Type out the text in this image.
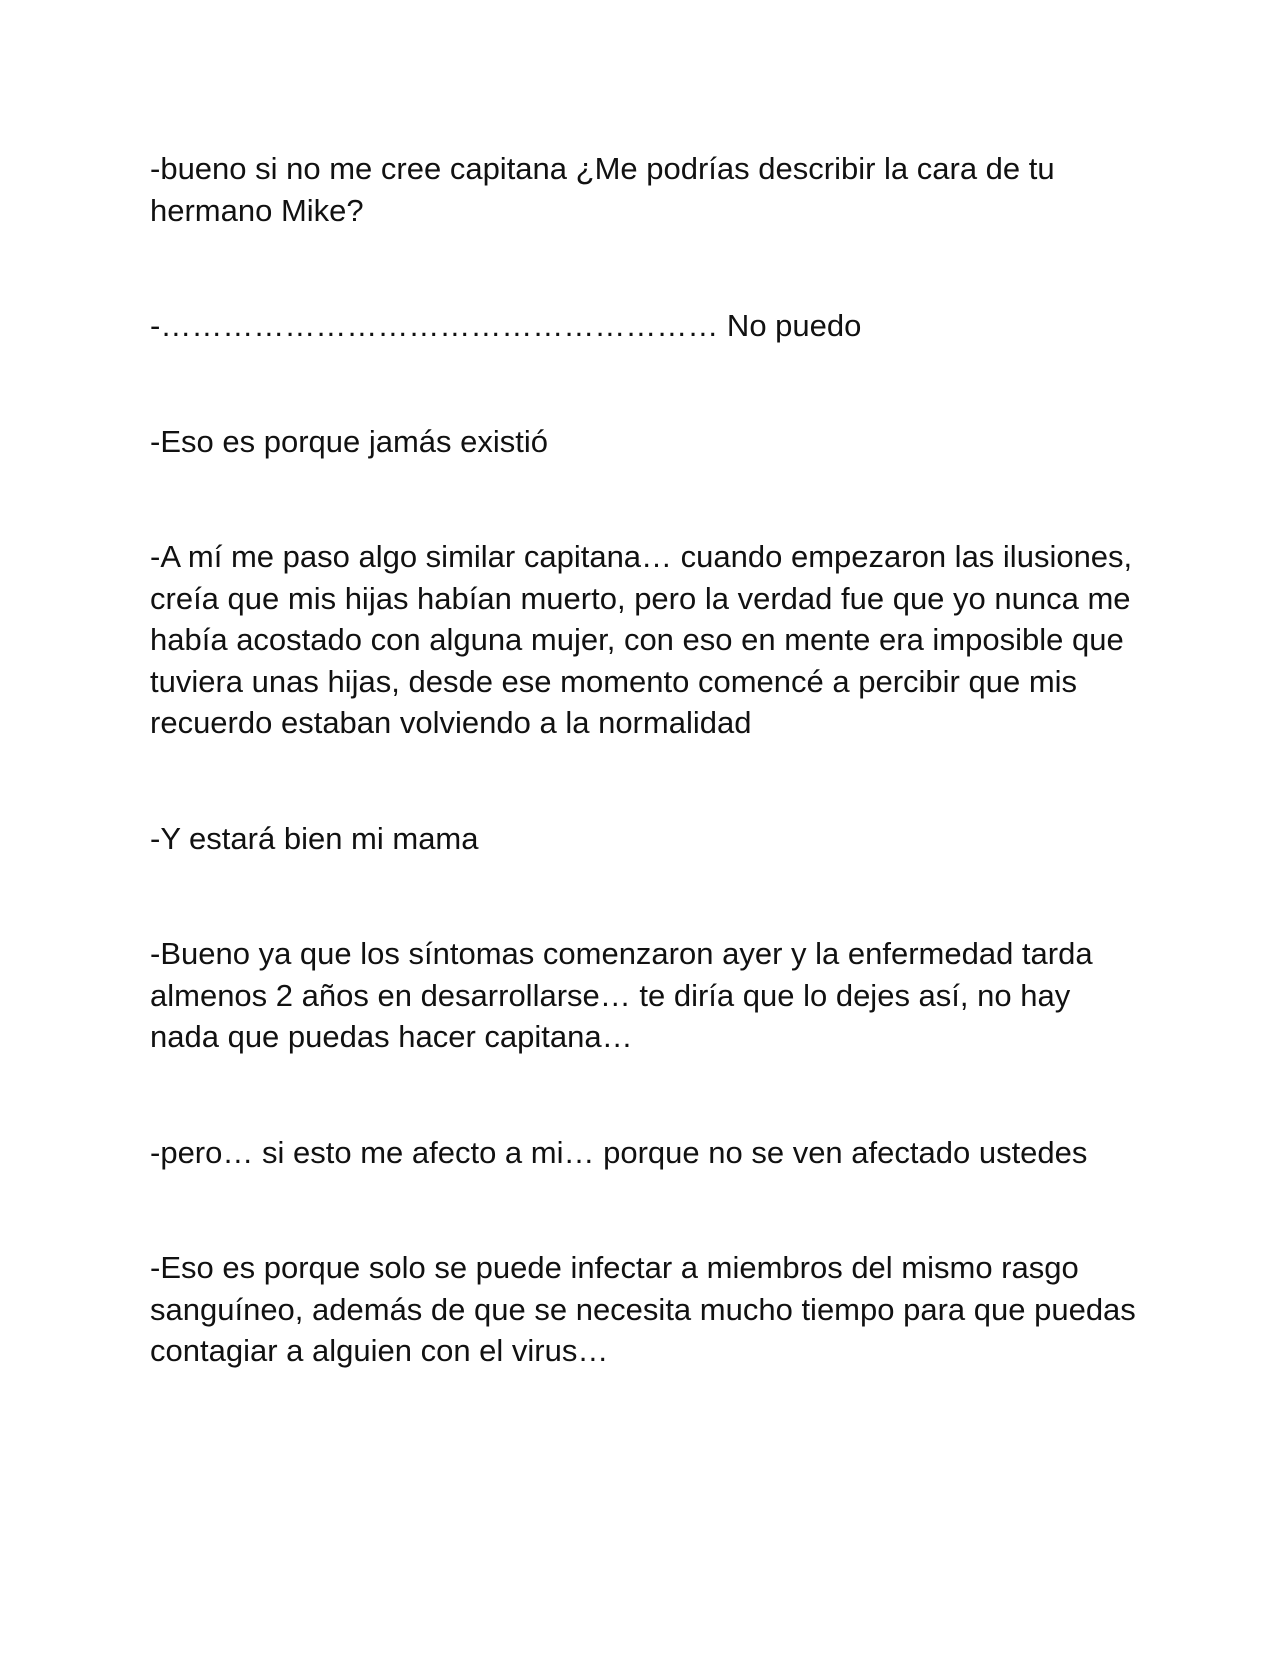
-bueno si no me cree capitana ¿Me podrías describir la cara de tu hermano Mike?

-……………………………………………… No puedo

-Eso es porque jamás existió

-A mí me paso algo similar capitana… cuando empezaron las ilusiones, creía que mis hijas habían muerto, pero la verdad fue que yo nunca me había acostado con alguna mujer, con eso en mente era imposible que tuviera unas hijas, desde ese momento comencé a percibir que mis recuerdo estaban volviendo a la normalidad

-Y estará bien mi mama

-Bueno ya que los síntomas comenzaron ayer y la enfermedad tarda almenos 2 años en desarrollarse… te diría que lo dejes así, no hay nada que puedas hacer capitana…

-pero… si esto me afecto a mi… porque no se ven afectado ustedes

-Eso es porque solo se puede infectar a miembros del mismo rasgo sanguíneo, además de que se necesita mucho tiempo para que puedas contagiar a alguien con el virus…
